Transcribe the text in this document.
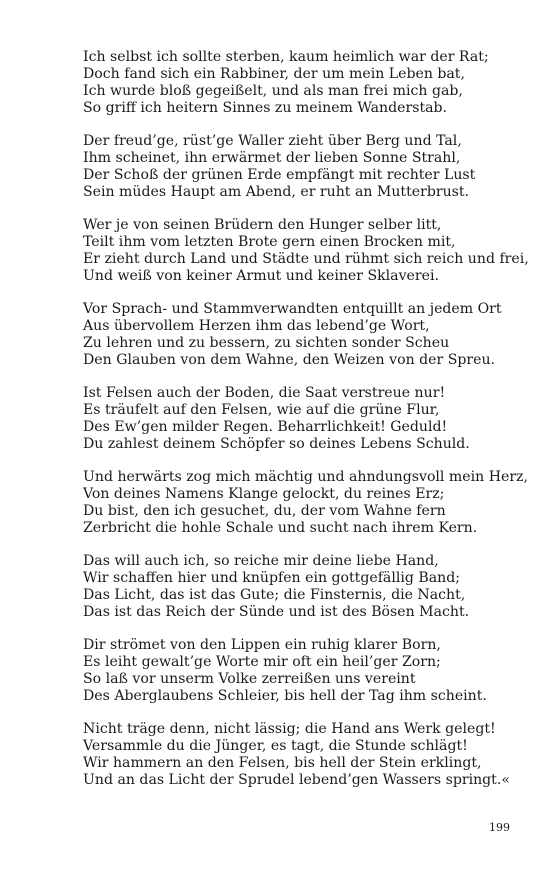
Ich selbst ich sollte sterben, kaum heimlich war der Rat;
Doch fand sich ein Rabbiner, der um mein Leben bat,
Ich wurde bloß gegeißelt, und als man frei mich gab,
So griff ich heitern Sinnes zu meinem Wanderstab.
Der freud’ge, rüst’ge Waller zieht über Berg und Tal,
Ihm scheinet, ihn erwärmet der lieben Sonne Strahl,
Der Schoß der grünen Erde empfängt mit rechter Lust
Sein müdes Haupt am Abend, er ruht an Mutterbrust.
Wer je von seinen Brüdern den Hunger selber litt,
Teilt ihm vom letzten Brote gern einen Brocken mit,
Er zieht durch Land und Städte und rühmt sich reich und frei,
Und weiß von keiner Armut und keiner Sklaverei.
Vor Sprach- und Stammverwandten entquillt an jedem Ort
Aus übervollem Herzen ihm das lebend’ge Wort,
Zu lehren und zu bessern, zu sichten sonder Scheu
Den Glauben von dem Wahne, den Weizen von der Spreu.
Ist Felsen auch der Boden, die Saat verstreue nur!
Es träufelt auf den Felsen, wie auf die grüne Flur,
Des Ew’gen milder Regen. Beharrlichkeit! Geduld!
Du zahlest deinem Schöpfer so deines Lebens Schuld.
Und herwärts zog mich mächtig und ahndungsvoll mein Herz,
Von deines Namens Klange gelockt, du reines Erz;
Du bist, den ich gesuchet, du, der vom Wahne fern
Zerbricht die hohle Schale und sucht nach ihrem Kern.
Das will auch ich, so reiche mir deine liebe Hand,
Wir schaffen hier und knüpfen ein gottgefällig Band;
Das Licht, das ist das Gute; die Finsternis, die Nacht,
Das ist das Reich der Sünde und ist des Bösen Macht.
Dir strömet von den Lippen ein ruhig klarer Born,
Es leiht gewalt’ge Worte mir oft ein heil’ger Zorn;
So laß vor unserm Volke zerreißen uns vereint
Des Aberglaubens Schleier, bis hell der Tag ihm scheint.
Nicht träge denn, nicht lässig; die Hand ans Werk gelegt!
Versammle du die Jünger, es tagt, die Stunde schlägt!
Wir hammern an den Felsen, bis hell der Stein erklingt,
Und an das Licht der Sprudel lebend’gen Wassers springt.«
199
